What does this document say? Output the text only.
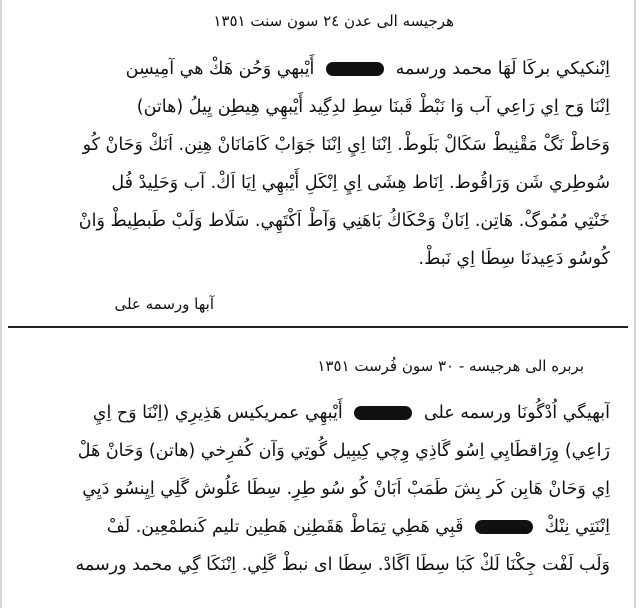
هرجيسه الى عدن ٢٤ سون سنت ١٣٥١
اِنْنكيكي بركَا لَهَا محمد ورسمه  أَيْبهي وَحُن هَكْ هي آمِيسِن
اِنْنَا وَح اِي رَاعِي آب وَا نَبْطْ قَبنَا سِطِ لدِگِيد أَيْبهِي هِيطِن يِيلُ (هاتن)
وَحَاطْ نَگْ مَقْنِيطْ سَكَالْ بَلَوطْ. اِنْنَا اِيِ اِنْنَا جَوَابْ كَامَانَانْ هِنِن. اَنَكْ وَحَانْ كُو
سُوطِري شَن وَرَاقُوط. اِنَاط هِشَى اِيِ اِنْكَلِ أَيْبهِي اِيَا اَكْ. آب وَحَلِيدْ فُل
خَنْتِي مُمُوگْ. هَاتِن. اِنَانْ وَحْكَاكُ بَاهَنِي وَآطْ اَكْتَهِي. سَلَاط وَلَبْ طَبطِيطْ وَانْ
كُوسُو دَعِيدنَا سِطَا اِي نَبطْ.
آبها ورسمه على
بربره الى هرجيسه - ٣٠ سون فُرست ١٣٥١
آبهيگي اُدْگُونَا ورسمه على  أَيْبهِي عمريكيس هَذِيرِي (اِنْنَا وَح اِيِ
رَاعِي) وِرَاقطَايِي اِسُو گَاذِي وِچي كِيبِيل گُوتِي وَآن كُفرِخي (هاتن) وَحَانْ هَلْ
اِي وَحَانْ هَابِن كَر بِشَ طَمَبْ اَبَانْ كُو سُو طِرِ. سِطَا عَلُوش گَلِي اِيِنسُو دَيِيِ
اِنْنَتِي نِنْكْ  قَبِي هَطِي تِمَاطْ هَقَطِنِن هَطِين تليم كَنطمْعِين. لَفْ
وَلَب لَفْت جِكْنَا لَكْ كَبَا سِطَا اَگَادْ. سِطَا اى نبطْ گَلِي. اِنْنَكَا گِي محمد ورسمه
